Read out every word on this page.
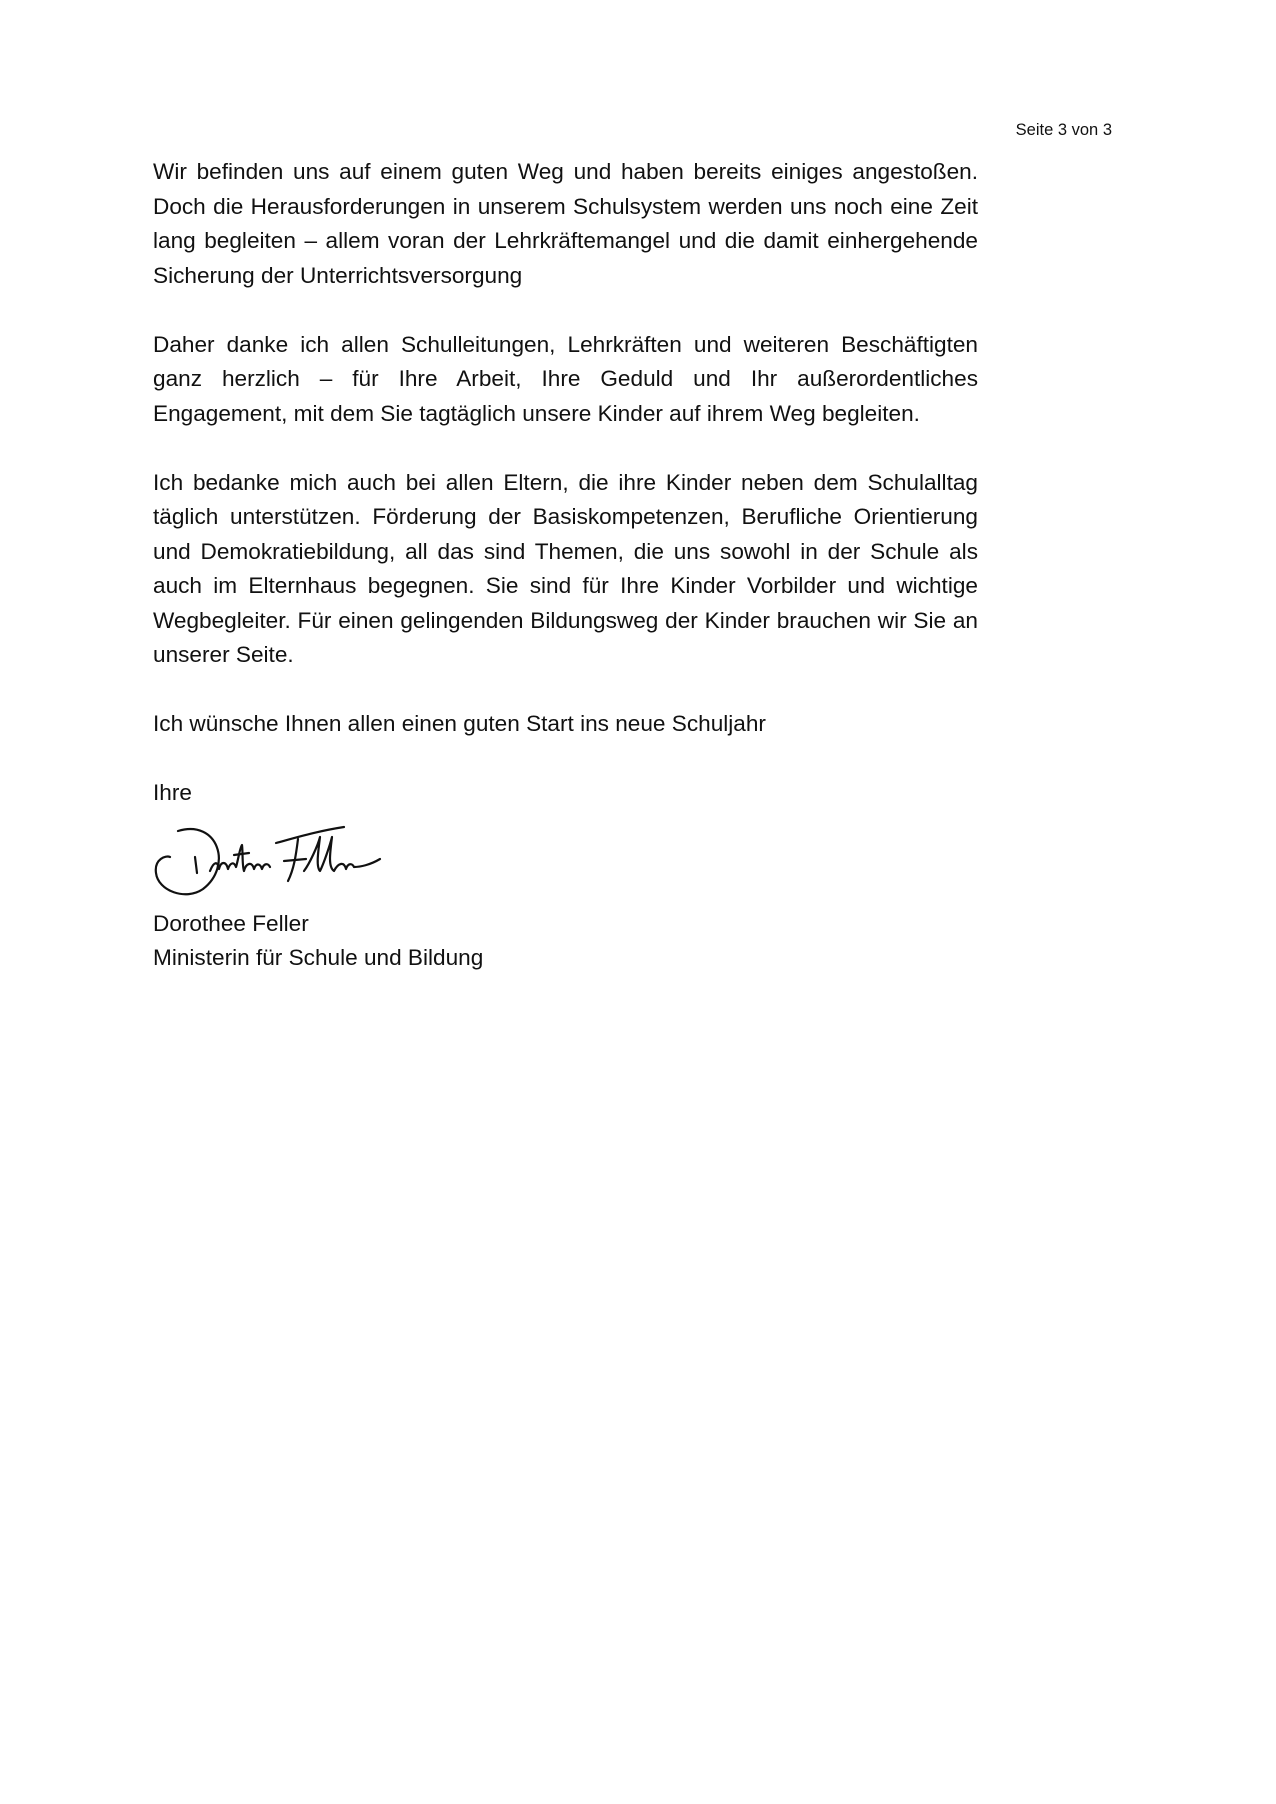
Seite 3 von 3

Wir befinden uns auf einem guten Weg und haben bereits einiges angestoßen. Doch die Herausforderungen in unserem Schulsystem werden uns noch eine Zeit lang begleiten – allem voran der Lehrkräftemangel und die damit einhergehende Sicherung der Unterrichtsversorgung

Daher danke ich allen Schulleitungen, Lehrkräften und weiteren Beschäftigten ganz herzlich – für Ihre Arbeit, Ihre Geduld und Ihr außerordentliches Engagement, mit dem Sie tagtäglich unsere Kinder auf ihrem Weg begleiten.

Ich bedanke mich auch bei allen Eltern, die ihre Kinder neben dem Schulalltag täglich unterstützen. Förderung der Basiskompetenzen, Berufliche Orientierung und Demokratiebildung, all das sind Themen, die uns sowohl in der Schule als auch im Elternhaus begegnen. Sie sind für Ihre Kinder Vorbilder und wichtige Wegbegleiter. Für einen gelingenden Bildungsweg der Kinder brauchen wir Sie an unserer Seite.

Ich wünsche Ihnen allen einen guten Start ins neue Schuljahr

Ihre

Dorothee Feller

Ministerin für Schule und Bildung
